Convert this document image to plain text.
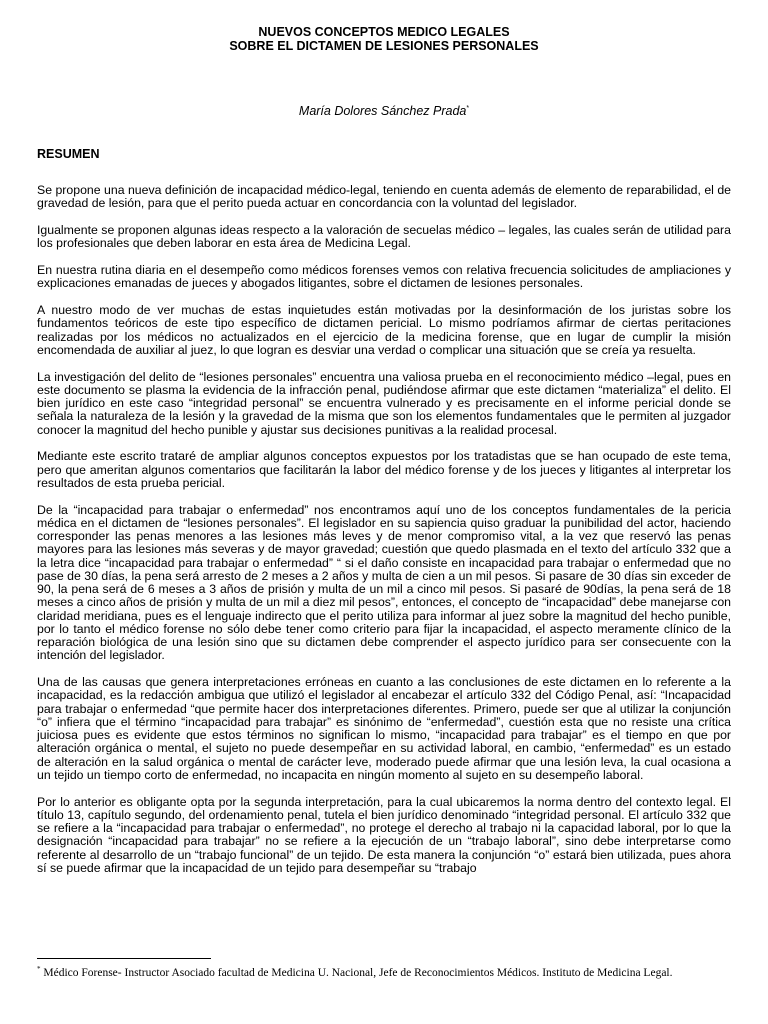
NUEVOS CONCEPTOS MEDICO LEGALES
SOBRE EL DICTAMEN DE LESIONES PERSONALES
María Dolores Sánchez Prada*
RESUMEN

Se propone una nueva definición de incapacidad médico-legal, teniendo en cuenta además de elemento de reparabilidad, el de gravedad de lesión, para que el perito pueda actuar en concordancia con la voluntad del legislador.

Igualmente se proponen algunas ideas respecto a la valoración de secuelas médico – legales, las cuales serán de utilidad para los profesionales que deben laborar en esta área de Medicina Legal.

En nuestra rutina diaria en el desempeño como médicos forenses vemos con relativa frecuencia solicitudes de ampliaciones y explicaciones emanadas de jueces y abogados litigantes, sobre el dictamen de lesiones personales.

A nuestro modo de ver muchas de estas inquietudes están motivadas por la desinformación de los juristas sobre los fundamentos teóricos de este tipo específico de dictamen pericial. Lo mismo podríamos afirmar de ciertas peritaciones realizadas por los médicos no actualizados en el ejercicio de la medicina forense, que en lugar de cumplir la misión encomendada de auxiliar al juez, lo que logran es desviar una verdad o complicar una situación que se creía ya resuelta.

La investigación del delito de “lesiones personales” encuentra una valiosa prueba en el reconocimiento médico –legal, pues en este documento se plasma la evidencia de la infracción penal, pudiéndose afirmar que este dictamen “materializa” el delito. El bien jurídico en este caso “integridad personal” se encuentra vulnerado y es precisamente en el informe pericial donde se señala la naturaleza de la lesión y la gravedad de la misma que son los elementos fundamentales que le permiten al juzgador conocer la magnitud del hecho punible y ajustar sus decisiones punitivas a la realidad procesal.

Mediante este escrito trataré de ampliar algunos conceptos expuestos por los tratadistas que se han ocupado de este tema, pero que ameritan algunos comentarios que facilitarán la labor del médico forense y de los jueces y litigantes al interpretar los resultados de esta prueba pericial.

De la “incapacidad para trabajar o enfermedad” nos encontramos aquí uno de los conceptos fundamentales de la pericia médica en el dictamen de “lesiones personales”. El legislador en su sapiencia quiso graduar la punibilidad del actor, haciendo corresponder las penas menores a las lesiones más leves y de menor compromiso vital, a la vez que reservó las penas mayores para las lesiones más severas y de mayor gravedad; cuestión que quedo plasmada en el texto del artículo 332 que a la letra dice “incapacidad para trabajar o enfermedad” “ si el daño consiste en incapacidad para trabajar o enfermedad que no pase de 30 días, la pena será arresto de 2 meses a 2 años y multa de cien a un mil pesos. Si pasare de 30 días sin exceder de 90, la pena será de 6 meses a 3 años de prisión y multa de un mil a cinco mil pesos. Si pasaré de 90días, la pena será de 18 meses a cinco años de prisión y multa de un mil a diez mil pesos”, entonces, el concepto de “incapacidad” debe manejarse con claridad meridiana, pues es el lenguaje indirecto que el perito utiliza para informar al juez sobre la magnitud del hecho punible, por lo tanto el médico forense no sólo debe tener como criterio para fijar la incapacidad, el aspecto meramente clínico de la reparación biológica de una lesión sino que su dictamen debe comprender el aspecto jurídico para ser consecuente con la intención del legislador.

Una de las causas que genera interpretaciones erróneas en cuanto a las conclusiones de este dictamen en lo referente a la incapacidad, es la redacción ambigua que utilizó el legislador al encabezar el artículo 332 del Código Penal, así: “Incapacidad para trabajar o enfermedad “que permite hacer dos interpretaciones diferentes. Primero, puede ser que al utilizar la conjunción “o” infiera que el término “incapacidad para trabajar” es sinónimo de “enfermedad”, cuestión esta que no resiste una crítica juiciosa pues es evidente que estos términos no significan lo mismo, “incapacidad para trabajar” es el tiempo en que por alteración orgánica o mental, el sujeto no puede desempeñar en su actividad laboral, en cambio, “enfermedad” es un estado de alteración en la salud orgánica o mental de carácter leve, moderado puede afirmar que una lesión leva, la cual ocasiona a un tejido un tiempo corto de enfermedad, no incapacita en ningún momento al sujeto en su desempeño laboral.

Por lo anterior es obligante opta por la segunda interpretación, para la cual ubicaremos la norma dentro del contexto legal. El título 13, capítulo segundo, del ordenamiento penal, tutela el bien jurídico denominado “integridad personal. El artículo 332 que se refiere a la “incapacidad para trabajar o enfermedad”, no protege el derecho al trabajo ni la capacidad laboral, por lo que la designación “incapacidad para trabajar” no se refiere a la ejecución de un “trabajo laboral”, sino debe interpretarse como referente al desarrollo de un “trabajo funcional” de un tejido. De esta manera la conjunción “o” estará bien utilizada, pues ahora sí se puede afirmar que la incapacidad de un tejido para desempeñar su “trabajo

* Médico Forense- Instructor Asociado facultad de Medicina U. Nacional, Jefe de Reconocimientos Médicos. Instituto de Medicina Legal.
